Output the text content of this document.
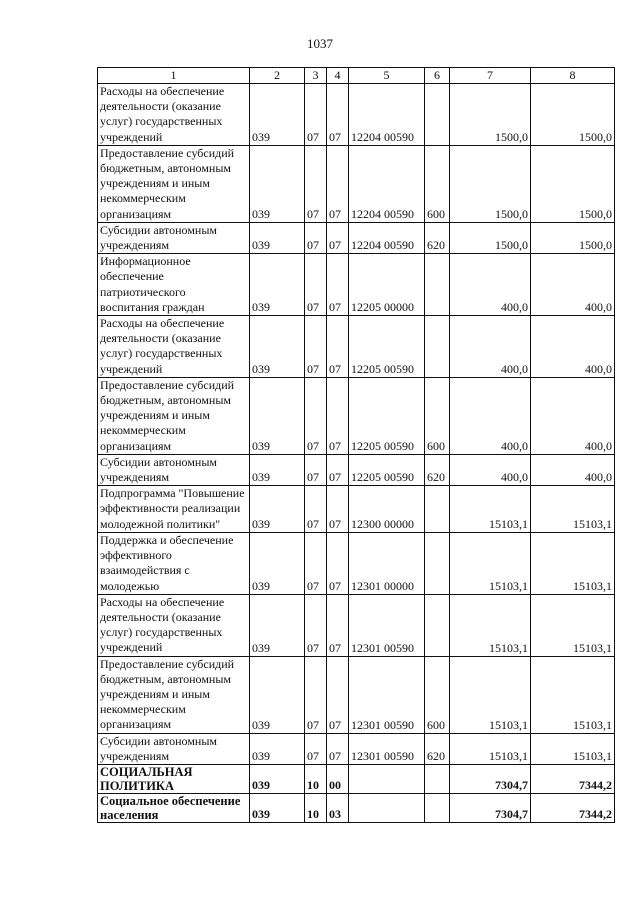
1037
1	2	3	4	5	6	7	8
Расходы на обеспечение деятельности (оказание услуг) государственных учреждений	039	07	07	12204 00590		1500,0	1500,0
Предоставление субсидий бюджетным, автономным учреждениям и иным некоммерческим организациям	039	07	07	12204 00590	600	1500,0	1500,0
Субсидии автономным учреждениям	039	07	07	12204 00590	620	1500,0	1500,0
Информационное обеспечение патриотического воспитания граждан	039	07	07	12205 00000		400,0	400,0
Расходы на обеспечение деятельности (оказание услуг) государственных учреждений	039	07	07	12205 00590		400,0	400,0
Предоставление субсидий бюджетным, автономным учреждениям и иным некоммерческим организациям	039	07	07	12205 00590	600	400,0	400,0
Субсидии автономным учреждениям	039	07	07	12205 00590	620	400,0	400,0
Подпрограмма "Повышение эффективности реализации молодежной политики"	039	07	07	12300 00000		15103,1	15103,1
Поддержка и обеспечение эффективного взаимодействия с молодежью	039	07	07	12301 00000		15103,1	15103,1
Расходы на обеспечение деятельности (оказание услуг) государственных учреждений	039	07	07	12301 00590		15103,1	15103,1
Предоставление субсидий бюджетным, автономным учреждениям и иным некоммерческим организациям	039	07	07	12301 00590	600	15103,1	15103,1
Субсидии автономным учреждениям	039	07	07	12301 00590	620	15103,1	15103,1
СОЦИАЛЬНАЯ ПОЛИТИКА	039	10	00			7304,7	7344,2
Социальное обеспечение населения	039	10	03			7304,7	7344,2
